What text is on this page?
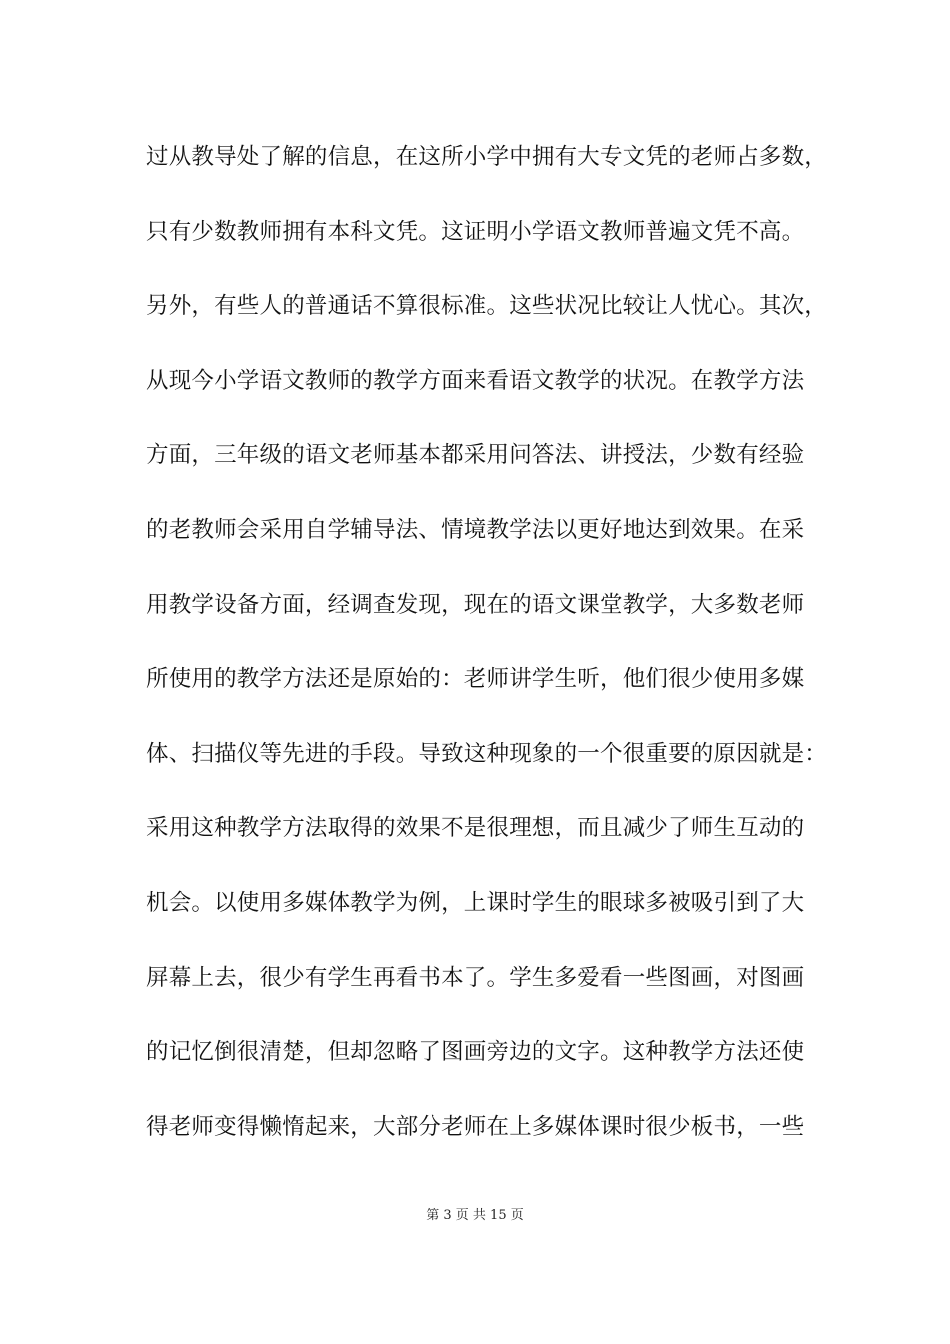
过从教导处了解的信息，在这所小学中拥有大专文凭的老师占多数，
只有少数教师拥有本科文凭。这证明小学语文教师普遍文凭不高。
另外，有些人的普通话不算很标准。这些状况比较让人忧心。其次，
从现今小学语文教师的教学方面来看语文教学的状况。在教学方法
方面，三年级的语文老师基本都采用问答法、讲授法，少数有经验
的老教师会采用自学辅导法、情境教学法以更好地达到效果。在采
用教学设备方面，经调查发现，现在的语文课堂教学，大多数老师
所使用的教学方法还是原始的：老师讲学生听，他们很少使用多媒
体、扫描仪等先进的手段。导致这种现象的一个很重要的原因就是：
采用这种教学方法取得的效果不是很理想，而且减少了师生互动的
机会。以使用多媒体教学为例，上课时学生的眼球多被吸引到了大
屏幕上去，很少有学生再看书本了。学生多爱看一些图画，对图画
的记忆倒很清楚，但却忽略了图画旁边的文字。这种教学方法还使
得老师变得懒惰起来，大部分老师在上多媒体课时很少板书，一些
第 3 页 共 15 页
